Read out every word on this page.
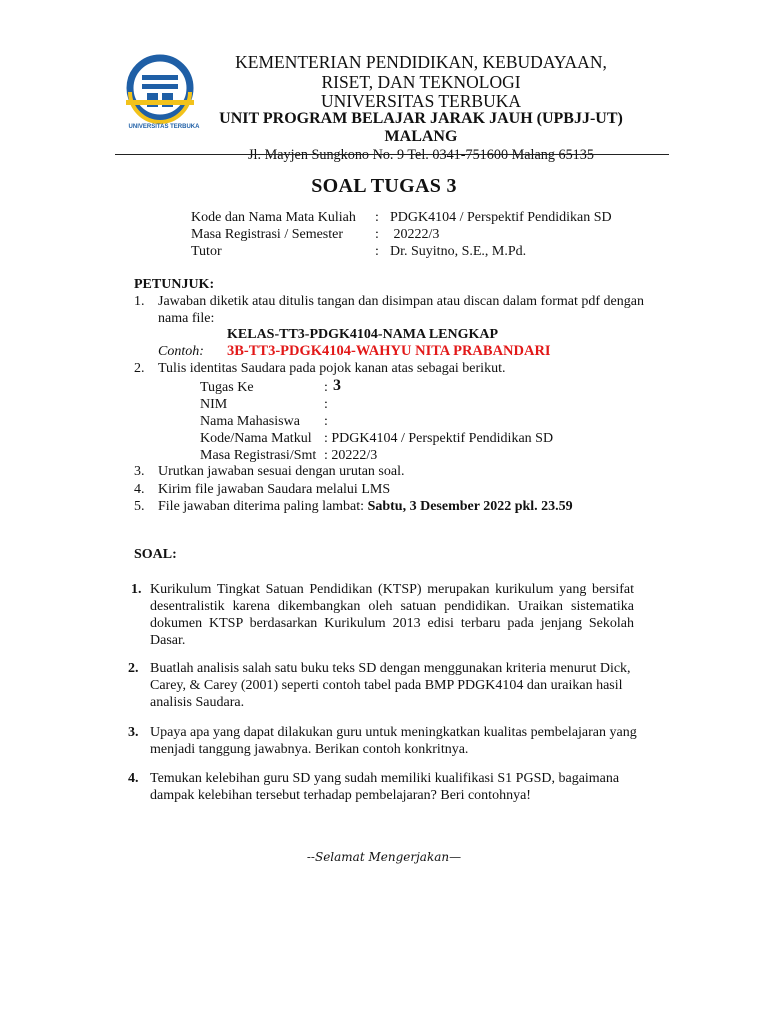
UNIVERSITAS TERBUKA
KEMENTERIAN PENDIDIKAN, KEBUDAYAAN,
RISET, DAN TEKNOLOGI
UNIVERSITAS TERBUKA
UNIT PROGRAM BELAJAR JARAK JAUH (UPBJJ-UT) MALANG
Jl. Mayjen Sungkono No. 9 Tel. 0341-751600 Malang 65135
SOAL TUGAS 3
Kode dan Nama Mata Kuliah : PDGK4104 / Perspektif Pendidikan SD
Masa Registrasi / Semester : 20222/3
Tutor	: Dr. Suyitno, S.E., M.Pd.
PETUNJUK:
1. Jawaban diketik atau ditulis tangan dan disimpan atau discan dalam format pdf dengan nama file:
KELAS-TT3-PDGK4104-NAMA LENGKAP
Contoh: 3B-TT3-PDGK4104-WAHYU NITA PRABANDARI
2. Tulis identitas Saudara pada pojok kanan atas sebagai berikut.
Tugas Ke	: 3
NIM	:
Nama Mahasiswa :
Kode/Nama Matkul : PDGK4104 / Perspektif Pendidikan SD
Masa Registrasi/Smt : 20222/3
3. Urutkan jawaban sesuai dengan urutan soal.
4. Kirim file jawaban Saudara melalui LMS
5. File jawaban diterima paling lambat: Sabtu, 3 Desember 2022 pkl. 23.59
SOAL:
1. Kurikulum Tingkat Satuan Pendidikan (KTSP) merupakan kurikulum yang bersifat desentralistik karena dikembangkan oleh satuan pendidikan. Uraikan sistematika dokumen KTSP berdasarkan Kurikulum 2013 edisi terbaru pada jenjang Sekolah Dasar.
2. Buatlah analisis salah satu buku teks SD dengan menggunakan kriteria menurut Dick, Carey, & Carey (2001) seperti contoh tabel pada BMP PDGK4104 dan uraikan hasil analisis Saudara.
3. Upaya apa yang dapat dilakukan guru untuk meningkatkan kualitas pembelajaran yang menjadi tanggung jawabnya. Berikan contoh konkritnya.
4. Temukan kelebihan guru SD yang sudah memiliki kualifikasi S1 PGSD, bagaimana dampak kelebihan tersebut terhadap pembelajaran? Beri contohnya!
--Selamat Mengerjakan—
